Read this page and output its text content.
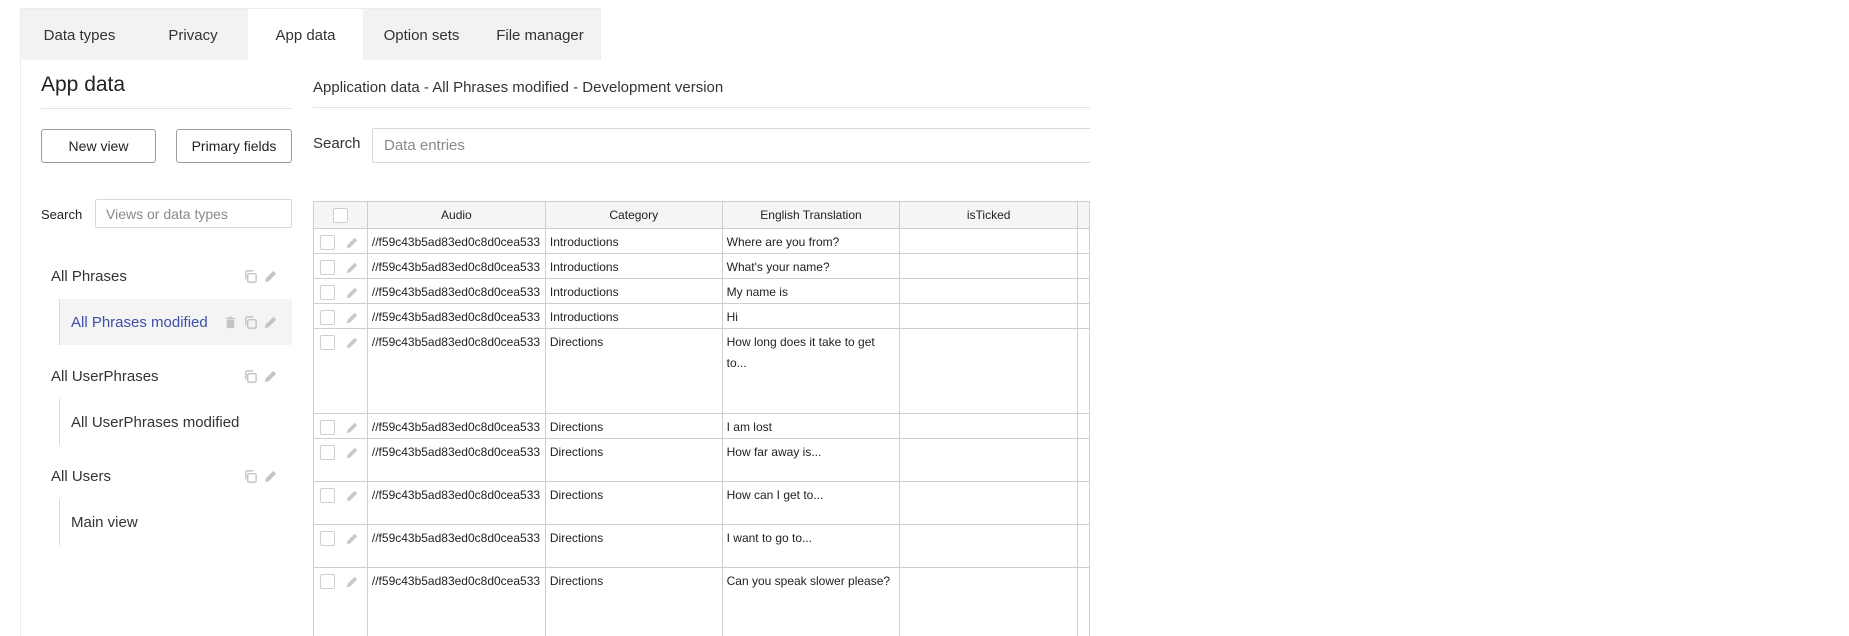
Data types	Privacy	App data	Option sets	File manager
App data
New view	Primary fields
Search
Views or data types
All Phrases
All Phrases modified
All UserPhrases
All UserPhrases modified
All Users
Main view
Application data - All Phrases modified - Development version
Search
Data entries
	Audio	Category	English Translation	isTicked	

	//f59c43b5ad83ed0c8d0cea533	Introductions	Where are you from?		

	//f59c43b5ad83ed0c8d0cea533	Introductions	What's your name?		

	//f59c43b5ad83ed0c8d0cea533	Introductions	My name is		

	//f59c43b5ad83ed0c8d0cea533	Introductions	Hi		

	//f59c43b5ad83ed0c8d0cea533	Directions	How long does it take to get to...		

	//f59c43b5ad83ed0c8d0cea533	Directions	I am lost		

	//f59c43b5ad83ed0c8d0cea533	Directions	How far away is...		

	//f59c43b5ad83ed0c8d0cea533	Directions	How can I get to...		

	//f59c43b5ad83ed0c8d0cea533	Directions	I want to go to...		

	//f59c43b5ad83ed0c8d0cea533	Directions	Can you speak slower please?		
